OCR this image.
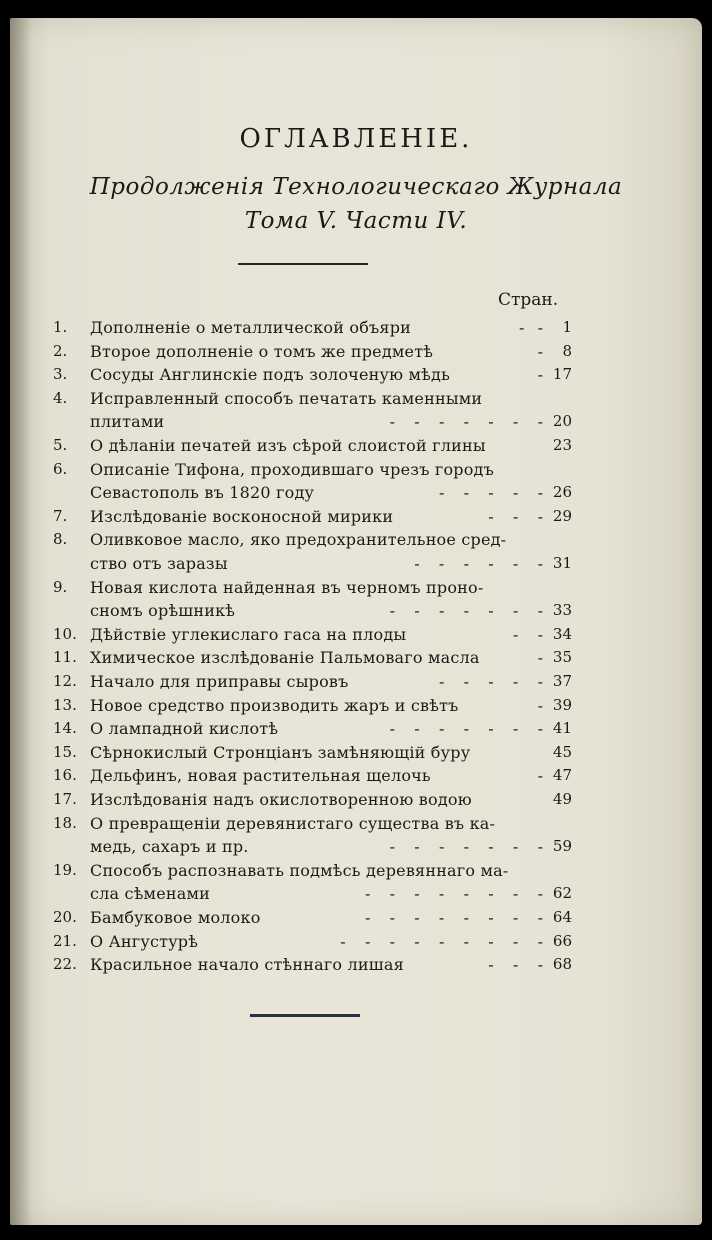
ОГЛАВЛЕНІЕ.
Продолженія Технологическаго Журнала
Тома V. Части IV.
Стран.
1.	Дополненіе о металлической объяри	-  -	1
2.	Второе дополненіе о томъ же предметѣ	-	8
3.	Сосуды Англинскіе подъ золоченую мѣдь	- 17
4.	Исправленный способъ печатать каменными
плитами	-   -   -   -   -   -   - 20
5.	О дѣланіи печатей изъ сѣрой слоистой глины	23
6.	Описаніе Тифона, проходившаго чрезъ городъ
Севастополь въ 1820 году	-   -   -   -   - 26
7.	Изслѣдованіе восконосной мирики	-   -   - 29
8.	Оливковое масло, яко предохранительное сред-
ство отъ заразы	-   -   -   -   -   - 31
9.	Новая кислота найденная въ черномъ проно-
сномъ орѣшникѣ	-   -   -   -   -   -   - 33
10. Дѣйствіе углекислаго гаса на плоды	-   - 34
11. Химическое изслѣдованіе Пальмоваго масла	- 35
12. Начало для приправы сыровъ	-   -   -   -   - 37
13. Новое средство производить жаръ и свѣтъ	- 39
14. О лампадной кислотѣ	-   -   -   -   -   -   - 41
15. Сѣрнокислый Стронціанъ замѣняющій буру	45
16. Дельфинъ, новая растительная щелочь	- 47
17. Изслѣдованія надъ окислотворенною водою	49
18. О превращеніи деревянистаго существа въ ка-
медь, сахаръ и пр.	-   -   -   -   -   -   - 59
19. Способъ распознавать подмѣсь деревяннаго ма-
сла сѣменами	-   -   -   -   -   -   -   - 62
20. Бамбуковое молоко	-   -   -   -   -   -   -   - 64
21. О Ангустурѣ	-   -   -   -   -   -   -   -   - 66
22. Красильное начало стѣннаго лишая	-   -   - 68
